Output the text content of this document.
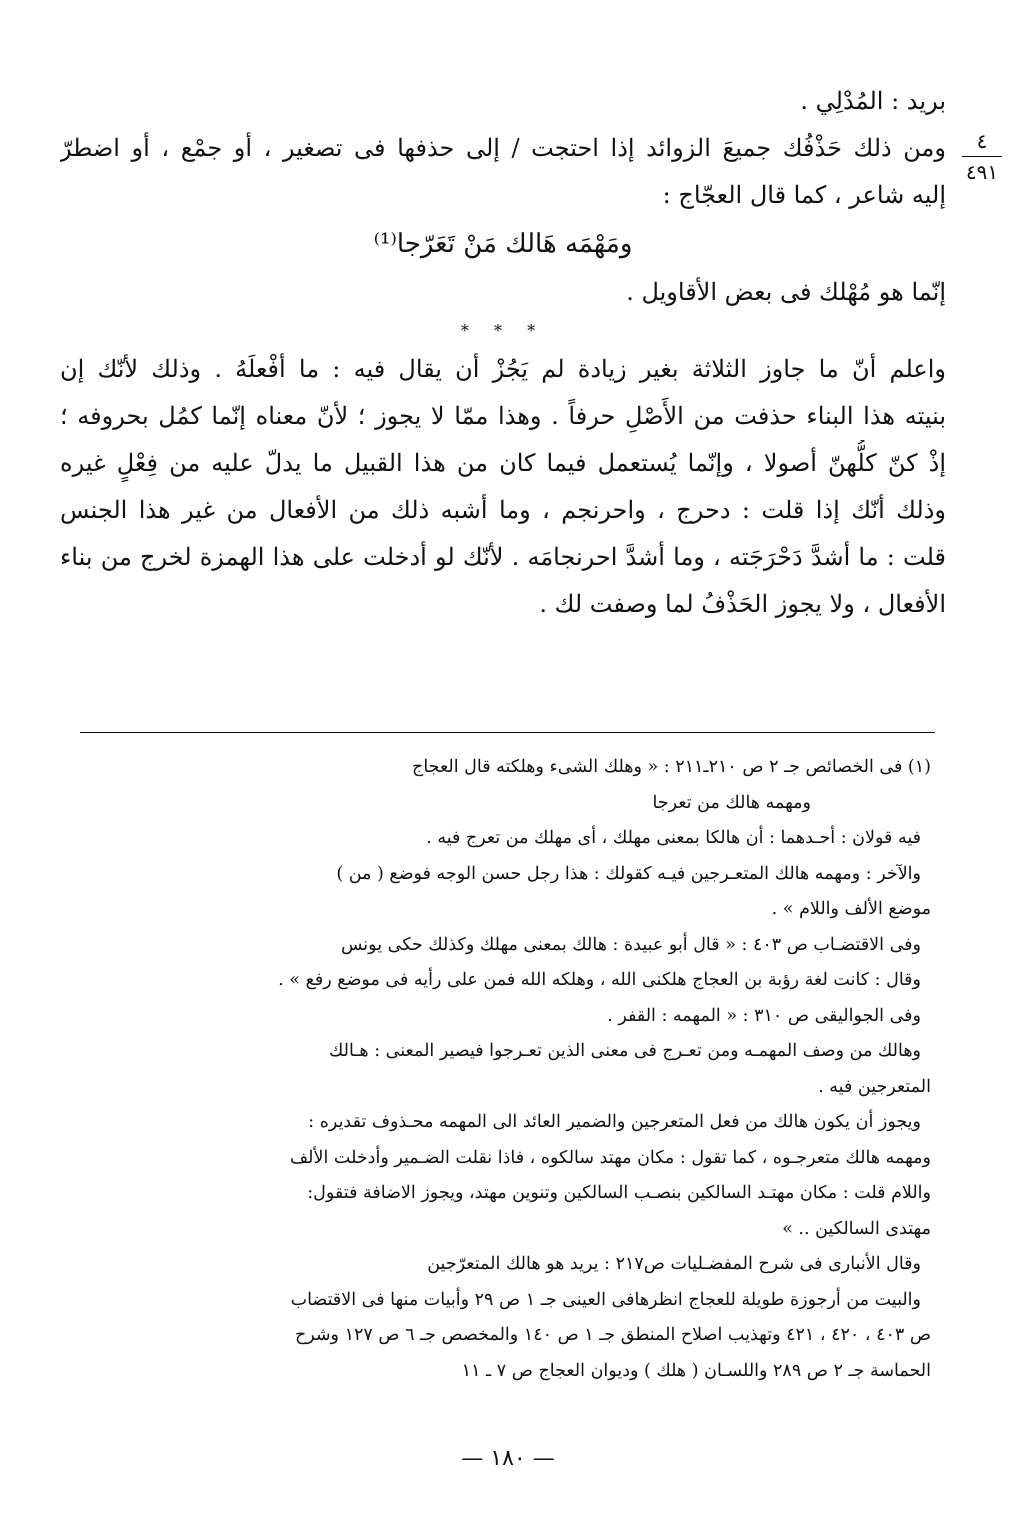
٤
٤٩١
بريد : المُدْلِي .
ومن ذلك حَذْفُك جميعَ الزوائد إذا احتجت / إلى حذفها فى تصغير ، أو جمْع ، أو اضطرّ
إليه شاعر ، كما قال العجّاج :
ومَهْمَه هَالك مَنْ تَعَرّجا⁽¹⁾
إنّما هو مُهْلك فى بعض الأقاويل .
* * *
واعلم أنّ ما جاوز الثلاثة بغير زيادة لم يَجُزْ أن يقال فيه : ما أفْعلَهُ . وذلك لأنّك إن
بنيته هذا البناء حذفت من الأَصْلِ حرفاً . وهذا ممّا لا يجوز ؛ لأنّ معناه إنّما كمُل بحروفه ؛
إذْ كنّ كلُّهنّ أصولا ، وإنّما يُستعمل فيما كان من هذا القبيل ما يدلّ عليه من فِعْلٍ غيره
وذلك أنّك إذا قلت : دحرج ، واحرنجم ، وما أشبه ذلك من الأفعال من غير هذا الجنس
قلت : ما أشدَّ دَحْرَجَته ، وما أشدَّ احرنجامَه . لأنّك لو أدخلت على هذا الهمزة لخرج من بناء
الأفعال ، ولا يجوز الحَذْفُ لما وصفت لك .
(١) فى الخصائص جـ ٢ ص ٢١٠ـ٢١١ : « وهلك الشىء وهلكته قال العجاج
ومهمه هالك من تعرجا
فيه قولان : أحـدهما : أن هالكا بمعنى مهلك ، أى مهلك من تعرج فيه .
والآخر : ومهمه هالك المتعـرجين فيـه كقولك : هذا رجل حسن الوجه فوضع ( من )
موضع الألف واللام » .
وفى الاقتضـاب ص ٤٠٣ : « قال أبو عبيدة : هالك بمعنى مهلك وكذلك حكى يونس
وقال : كانت لغة رؤبة بن العجاج هلكنى الله ، وهلكه الله فمن على رأيه فى موضع رفع » .
وفى الجواليقى ص ٣١٠ : « المهمه : القفر .
وهالك من وصف المهمـه ومن تعـرج فى معنى الذين تعـرجوا فيصير المعنى : هـالك
المتعرجين فيه .
ويجوز أن يكون هالك من فعل المتعرجين والضمير العائد الى المهمه محـذوف تقديره :
ومهمه هالك متعرجـوه ، كما تقول : مكان مهتد سالكوه ، فاذا نقلت الضـمير وأدخلت الألف
واللام قلت : مكان مهتـد السالكين بنصـب السالكين وتنوين مهتد، ويجوز الاضافة فتقول:
مهتدى السالكين .. »
وقال الأنبارى فى شرح المفضـليات ص٢١٧ : يريد هو هالك المتعرّجين
والبيت من أرجوزة طويلة للعجاج انظرهافى العينى جـ ١ ص ٢٩ وأبيات منها فى الاقتضاب
ص ٤٠٣ ، ٤٢٠ ، ٤٢١ وتهذيب اصلاح المنطق جـ ١ ص ١٤٠ والمخصص جـ ٦ ص ١٢٧ وشرح
الحماسة جـ ٢ ص ٢٨٩ واللسـان ( هلك ) وديوان العجاج ص ٧ ـ ١١
— ١٨٠ —
